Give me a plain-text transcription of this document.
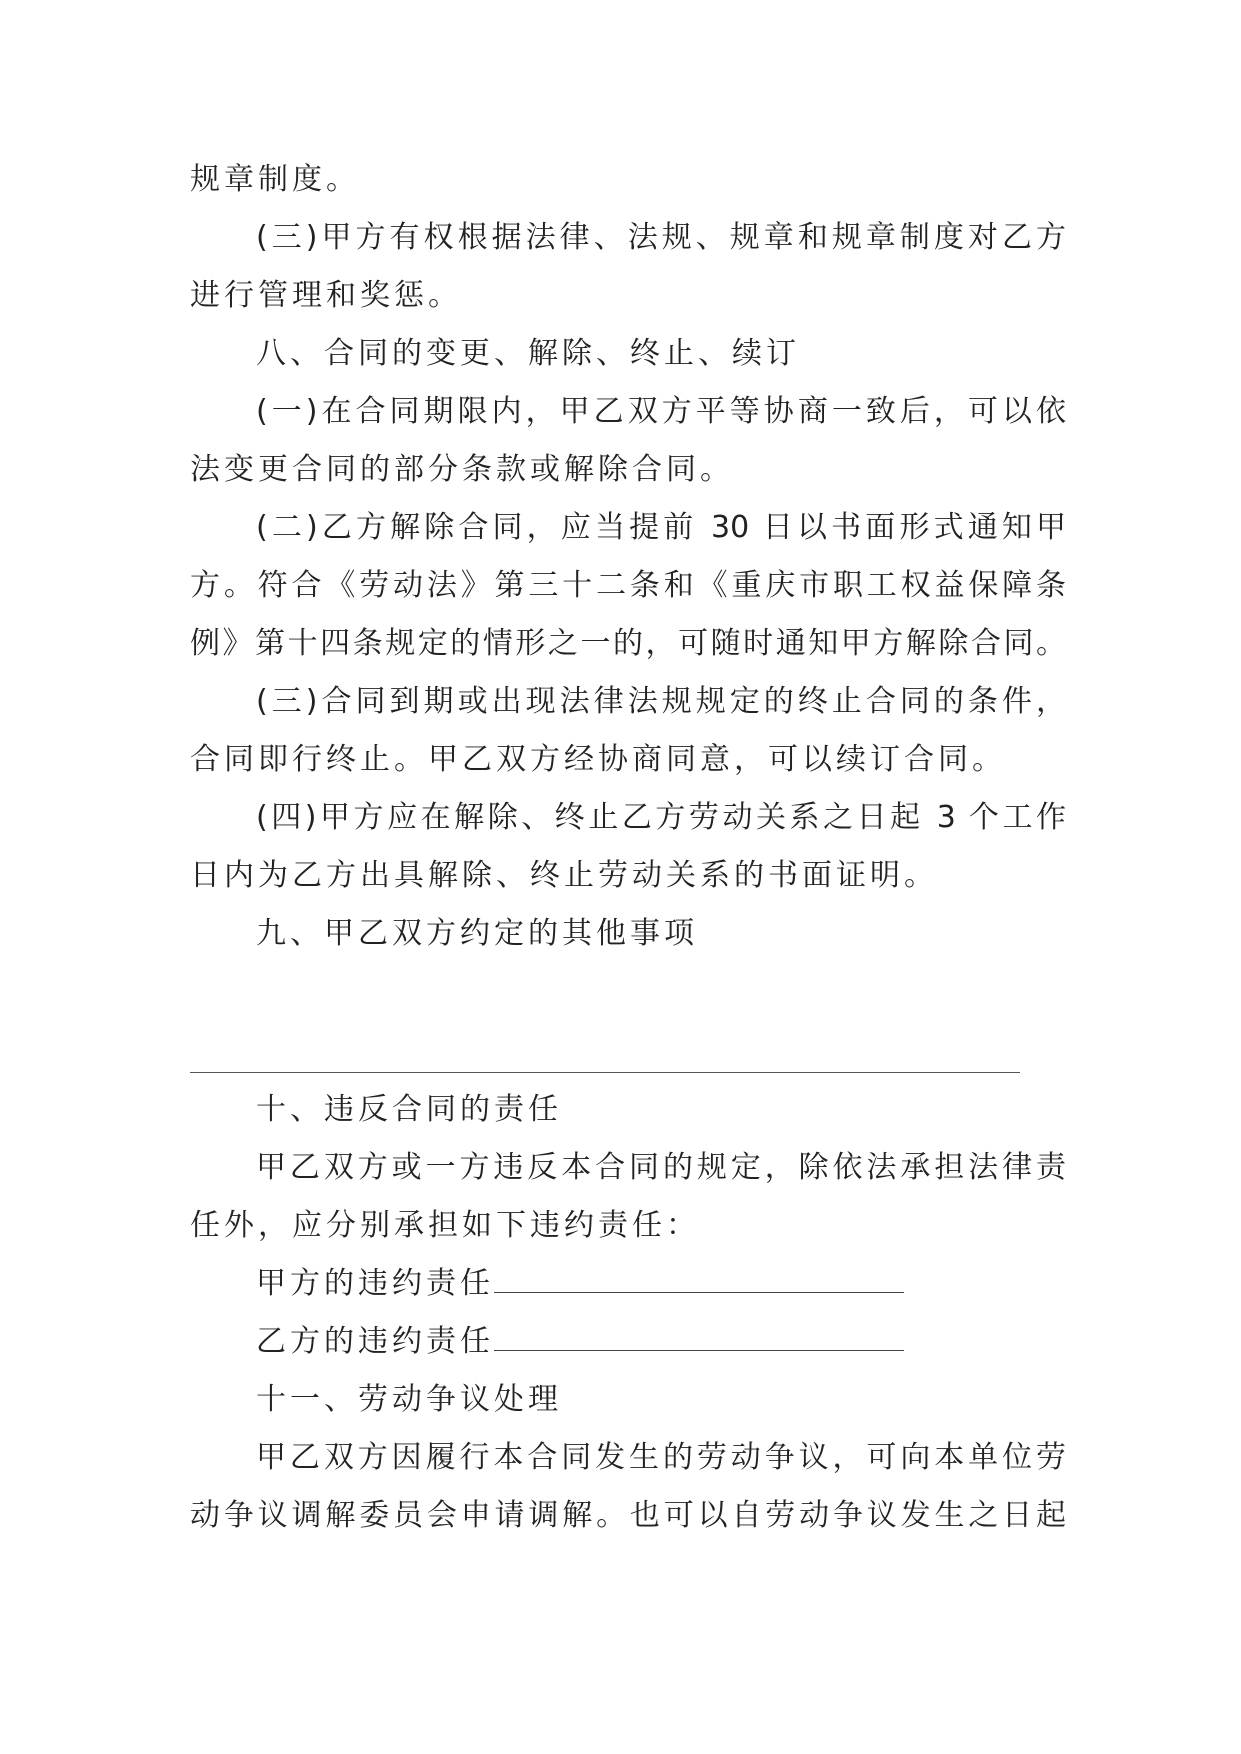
规章制度。
(三)甲方有权根据法律、法规、规章和规章制度对乙方
进行管理和奖惩。
八、合同的变更、解除、终止、续订
(一)在合同期限内，甲乙双方平等协商一致后，可以依
法变更合同的部分条款或解除合同。
(二)乙方解除合同，应当提前 30 日以书面形式通知甲
方。符合《劳动法》第三十二条和《重庆市职工权益保障条
例》第十四条规定的情形之一的，可随时通知甲方解除合同。
(三)合同到期或出现法律法规规定的终止合同的条件，
合同即行终止。甲乙双方经协商同意，可以续订合同。
(四)甲方应在解除、终止乙方劳动关系之日起 3 个工作
日内为乙方出具解除、终止劳动关系的书面证明。
九、甲乙双方约定的其他事项
十、违反合同的责任
甲乙双方或一方违反本合同的规定，除依法承担法律责
任外，应分别承担如下违约责任：
甲方的违约责任
乙方的违约责任
十一、劳动争议处理
甲乙双方因履行本合同发生的劳动争议，可向本单位劳
动争议调解委员会申请调解。也可以自劳动争议发生之日起
